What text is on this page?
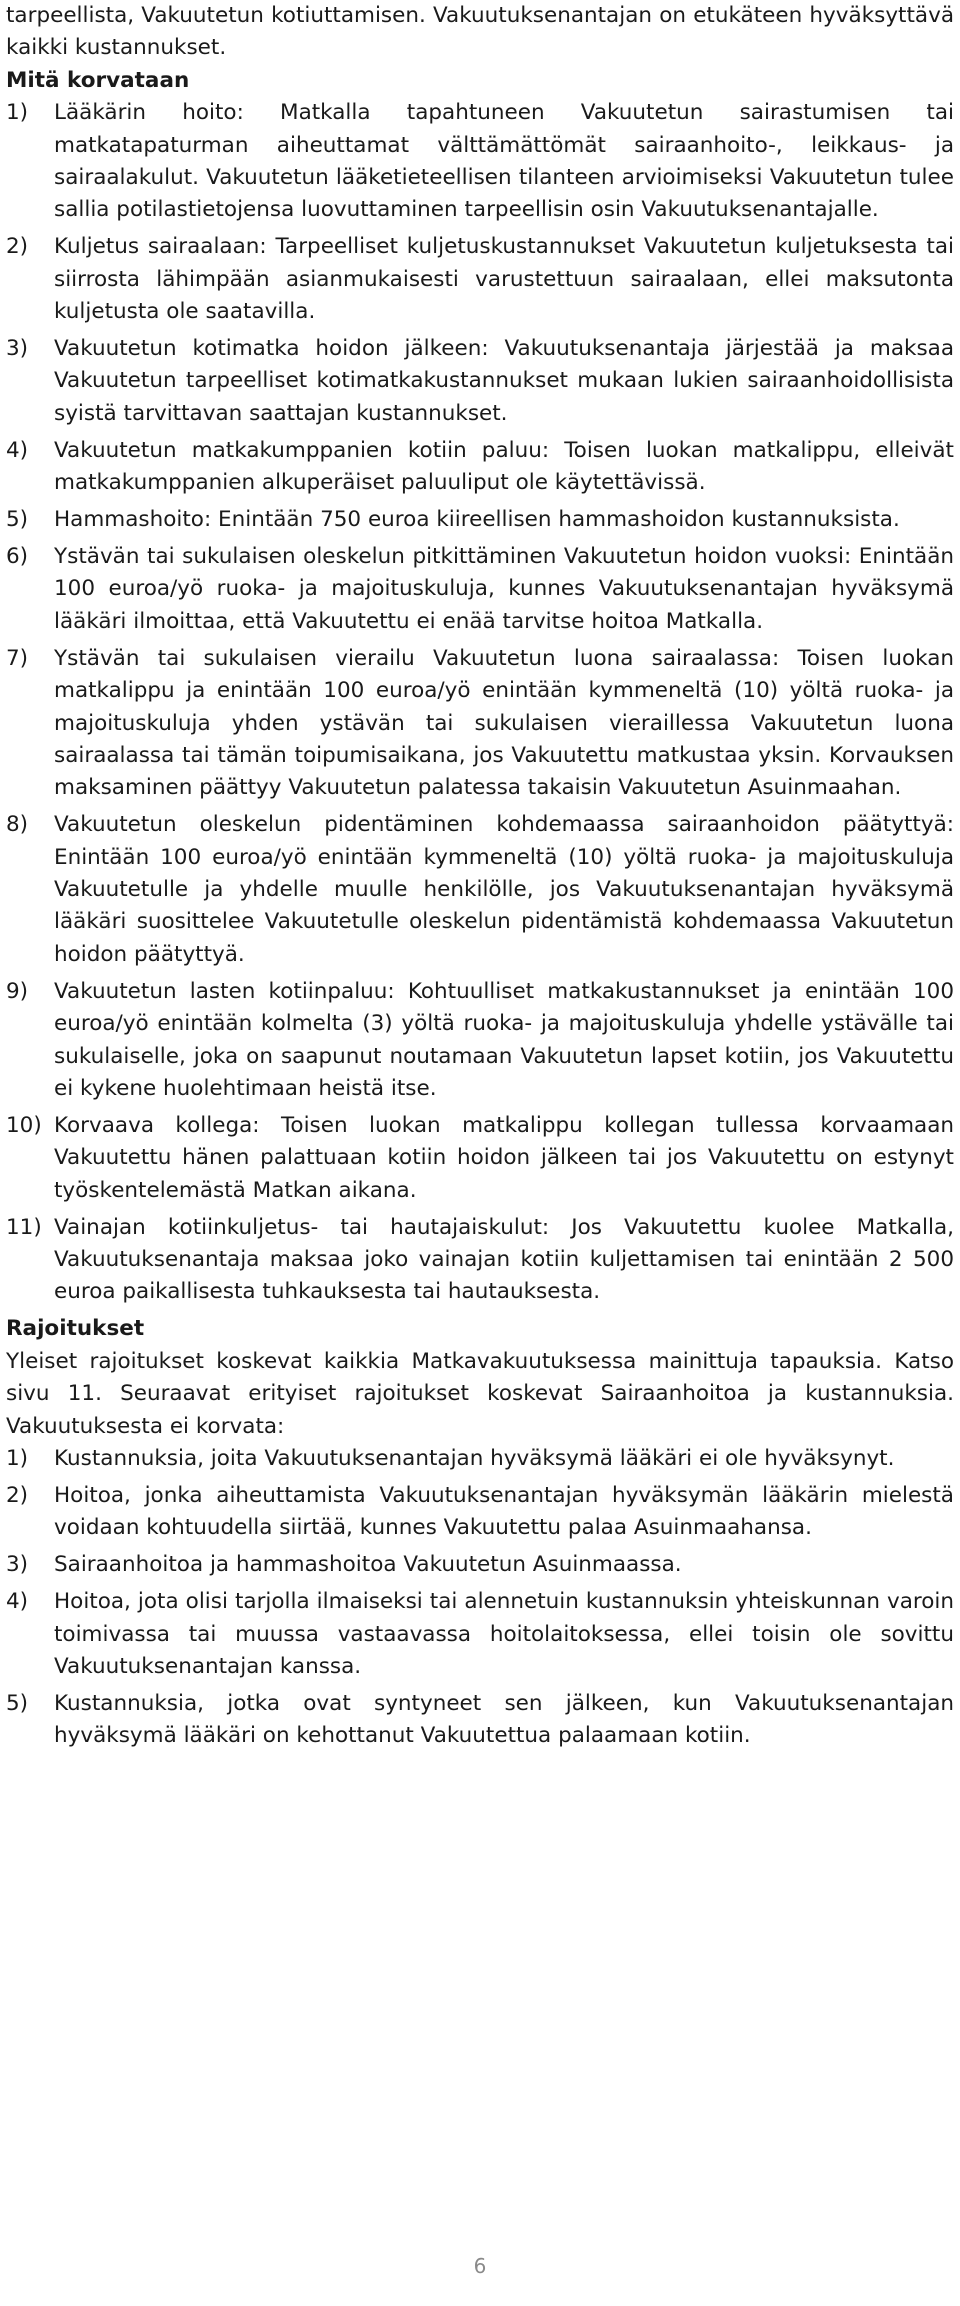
tarpeellista, Vakuutetun kotiuttamisen. Vakuutuksenantajan on etukäteen hyväksyttävä kaikki kustannukset.

Mitä korvataan

1)	Lääkärin hoito: Matkalla tapahtuneen Vakuutetun sairastumisen tai matkatapaturman aiheuttamat välttämättömät sairaanhoito-, leikkaus- ja sairaalakulut. Vakuutetun lääketieteellisen tilanteen arvioimiseksi Vakuutetun tulee sallia potilastietojensa luovuttaminen tarpeellisin osin Vakuutuksenantajalle.
2)	Kuljetus sairaalaan: Tarpeelliset kuljetuskustannukset Vakuutetun kuljetuksesta tai siirrosta lähimpään asianmukaisesti varustettuun sairaalaan, ellei maksutonta kuljetusta ole saatavilla.
3)	Vakuutetun kotimatka hoidon jälkeen: Vakuutuksenantaja järjestää ja maksaa Vakuutetun tarpeelliset kotimatkakustannukset mukaan lukien sairaanhoidollisista syistä tarvittavan saattajan kustannukset.
4)	Vakuutetun matkakumppanien kotiin paluu: Toisen luokan matkalippu, elleivät matkakumppanien alkuperäiset paluuliput ole käytettävissä.
5)	Hammashoito: Enintään 750 euroa kiireellisen hammashoidon kustannuksista.
6)	Ystävän tai sukulaisen oleskelun pitkittäminen Vakuutetun hoidon vuoksi: Enintään 100 euroa/yö ruoka- ja majoituskuluja, kunnes Vakuutuksenantajan hyväksymä lääkäri ilmoittaa, että Vakuutettu ei enää tarvitse hoitoa Matkalla.
7)	Ystävän tai sukulaisen vierailu Vakuutetun luona sairaalassa: Toisen luokan matkalippu ja enintään 100 euroa/yö enintään kymmeneltä (10) yöltä ruoka- ja majoituskuluja yhden ystävän tai sukulaisen vieraillessa Vakuutetun luona sairaalassa tai tämän toipumisaikana, jos Vakuutettu matkustaa yksin. Korvauksen maksaminen päättyy Vakuutetun palatessa takaisin Vakuutetun Asuinmaahan.
8)	Vakuutetun oleskelun pidentäminen kohdemaassa sairaanhoidon päätyttyä: Enintään 100 euroa/yö enintään kymmeneltä (10) yöltä ruoka- ja majoituskuluja Vakuutetulle ja yhdelle muulle henkilölle, jos Vakuutuksenantajan hyväksymä lääkäri suosittelee Vakuutetulle oleskelun pidentämistä kohdemaassa Vakuutetun hoidon päätyttyä.
9)	Vakuutetun lasten kotiinpaluu: Kohtuulliset matkakustannukset ja enintään 100 euroa/yö enintään kolmelta (3) yöltä ruoka- ja majoituskuluja yhdelle ystävälle tai sukulaiselle, joka on saapunut noutamaan Vakuutetun lapset kotiin, jos Vakuutettu ei kykene huolehtimaan heistä itse.
10) Korvaava kollega: Toisen luokan matkalippu kollegan tullessa korvaamaan Vakuutettu hänen palattuaan kotiin hoidon jälkeen tai jos Vakuutettu on estynyt työskentelemästä Matkan aikana.
11) Vainajan kotiinkuljetus- tai hautajaiskulut: Jos Vakuutettu kuolee Matkalla, Vakuutuksenantaja maksaa joko vainajan kotiin kuljettamisen tai enintään 2 500 euroa paikallisesta tuhkauksesta tai hautauksesta.

Rajoitukset

Yleiset rajoitukset koskevat kaikkia Matkavakuutuksessa mainittuja tapauksia. Katso sivu 11. Seuraavat erityiset rajoitukset koskevat Sairaanhoitoa ja kustannuksia. Vakuutuksesta ei korvata:

1)	Kustannuksia, joita Vakuutuksenantajan hyväksymä lääkäri ei ole hyväksynyt.
2)	Hoitoa, jonka aiheuttamista Vakuutuksenantajan hyväksymän lääkärin mielestä voidaan kohtuudella siirtää, kunnes Vakuutettu palaa Asuinmaahansa.
3)	Sairaanhoitoa ja hammashoitoa Vakuutetun Asuinmaassa.
4)	Hoitoa, jota olisi tarjolla ilmaiseksi tai alennetuin kustannuksin yhteiskunnan varoin toimivassa tai muussa vastaavassa hoitolaitoksessa, ellei toisin ole sovittu Vakuutuksenantajan kanssa.
5)	Kustannuksia, jotka ovat syntyneet sen jälkeen, kun Vakuutuksenantajan hyväksymä lääkäri on kehottanut Vakuutettua palaamaan kotiin.
6
